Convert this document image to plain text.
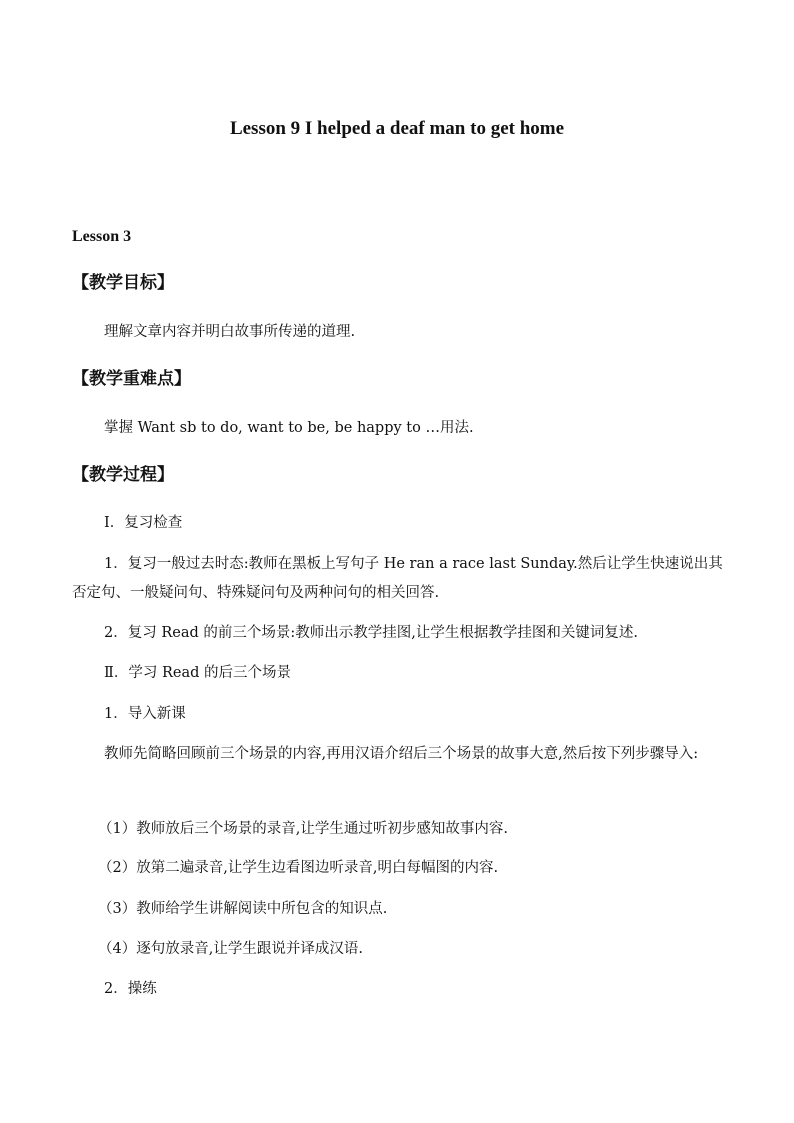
Lesson 9 I helped a deaf man to get home
Lesson 3
【教学目标】

理解文章内容并明白故事所传递的道理.

【教学重难点】

掌握 Want sb to do, want to be, be happy to …用法.

【教学过程】

Ⅰ．复习检查

1．复习一般过去时态:教师在黑板上写句子 He ran a race last Sunday.然后让学生快速说出其否定句、一般疑问句、特殊疑问句及两种问句的相关回答.

2．复习 Read 的前三个场景:教师出示教学挂图,让学生根据教学挂图和关键词复述.

Ⅱ．学习 Read 的后三个场景

1．导入新课

教师先简略回顾前三个场景的内容,再用汉语介绍后三个场景的故事大意,然后按下列步骤导入:

（1）教师放后三个场景的录音,让学生通过听初步感知故事内容.

（2）放第二遍录音,让学生边看图边听录音,明白每幅图的内容.

（3）教师给学生讲解阅读中所包含的知识点.

（4）逐句放录音,让学生跟说并译成汉语.

2．操练
